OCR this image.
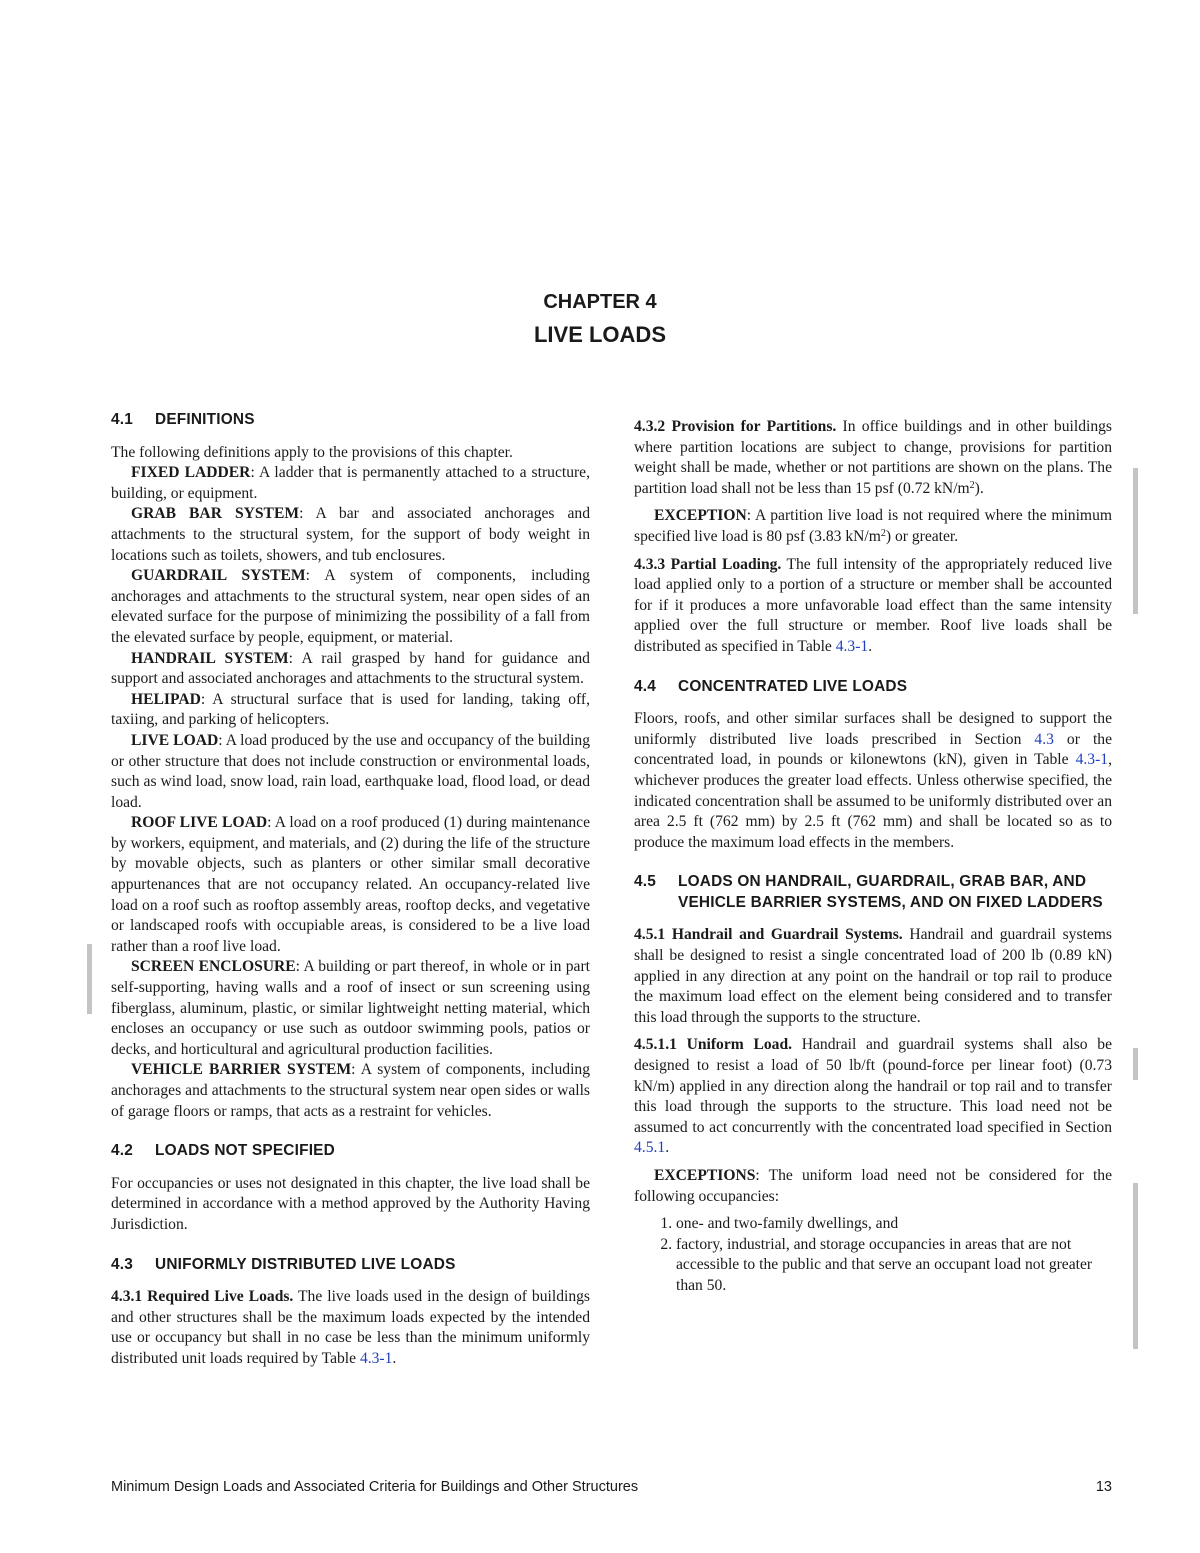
CHAPTER 4
LIVE LOADS
4.1 DEFINITIONS

The following definitions apply to the provisions of this chapter.

FIXED LADDER: A ladder that is permanently attached to a structure, building, or equipment.

GRAB BAR SYSTEM: A bar and associated anchorages and attachments to the structural system, for the support of body weight in locations such as toilets, showers, and tub enclosures.

GUARDRAIL SYSTEM: A system of components, including anchorages and attachments to the structural system, near open sides of an elevated surface for the purpose of minimizing the possibility of a fall from the elevated surface by people, equipment, or material.

HANDRAIL SYSTEM: A rail grasped by hand for guidance and support and associated anchorages and attachments to the structural system.

HELIPAD: A structural surface that is used for landing, taking off, taxiing, and parking of helicopters.

LIVE LOAD: A load produced by the use and occupancy of the building or other structure that does not include construction or environmental loads, such as wind load, snow load, rain load, earthquake load, flood load, or dead load.

ROOF LIVE LOAD: A load on a roof produced (1) during maintenance by workers, equipment, and materials, and (2) during the life of the structure by movable objects, such as planters or other similar small decorative appurtenances that are not occupancy related. An occupancy-related live load on a roof such as rooftop assembly areas, rooftop decks, and vegetative or landscaped roofs with occupiable areas, is considered to be a live load rather than a roof live load.

SCREEN ENCLOSURE: A building or part thereof, in whole or in part self-supporting, having walls and a roof of insect or sun screening using fiberglass, aluminum, plastic, or similar lightweight netting material, which encloses an occupancy or use such as outdoor swimming pools, patios or decks, and horticultural and agricultural production facilities.

VEHICLE BARRIER SYSTEM: A system of components, including anchorages and attachments to the structural system near open sides or walls of garage floors or ramps, that acts as a restraint for vehicles.

4.2 LOADS NOT SPECIFIED

For occupancies or uses not designated in this chapter, the live load shall be determined in accordance with a method approved by the Authority Having Jurisdiction.

4.3 UNIFORMLY DISTRIBUTED LIVE LOADS

4.3.1 Required Live Loads. The live loads used in the design of buildings and other structures shall be the maximum loads expected by the intended use or occupancy but shall in no case be less than the minimum uniformly distributed unit loads required by Table 4.3-1.

4.3.2 Provision for Partitions. In office buildings and in other buildings where partition locations are subject to change, provisions for partition weight shall be made, whether or not partitions are shown on the plans. The partition load shall not be less than 15 psf (0.72 $kN/m^2$).

EXCEPTION: A partition live load is not required where the minimum specified live load is 80 psf (3.83 $kN/m^2$) or greater.

4.3.3 Partial Loading. The full intensity of the appropriately reduced live load applied only to a portion of a structure or member shall be accounted for if it produces a more unfavorable load effect than the same intensity applied over the full structure or member. Roof live loads shall be distributed as specified in Table 4.3-1.

4.4 CONCENTRATED LIVE LOADS

Floors, roofs, and other similar surfaces shall be designed to support the uniformly distributed live loads prescribed in Section 4.3 or the concentrated load, in pounds or kilonewtons (kN), given in Table 4.3-1, whichever produces the greater load effects. Unless otherwise specified, the indicated concentration shall be assumed to be uniformly distributed over an area 2.5 ft (762 mm) by 2.5 ft (762 mm) and shall be located so as to produce the maximum load effects in the members.

4.5	LOADS ON HANDRAIL, GUARDRAIL, GRAB BAR, AND VEHICLE BARRIER SYSTEMS, AND ON FIXED LADDERS

4.5.1 Handrail and Guardrail Systems. Handrail and guardrail systems shall be designed to resist a single concentrated load of 200 lb (0.89 kN) applied in any direction at any point on the handrail or top rail to produce the maximum load effect on the element being considered and to transfer this load through the supports to the structure.

4.5.1.1 Uniform Load. Handrail and guardrail systems shall also be designed to resist a load of 50 lb/ft (pound-force per linear foot) (0.73 kN/m) applied in any direction along the handrail or top rail and to transfer this load through the supports to the structure. This load need not be assumed to act concurrently with the concentrated load specified in Section 4.5.1.

EXCEPTIONS: The uniform load need not be considered for the following occupancies:

1. one- and two-family dwellings, and
2. factory, industrial, and storage occupancies in areas that are not accessible to the public and that serve an occupant load not greater than 50.
Minimum Design Loads and Associated Criteria for Buildings and Other Structures	13
